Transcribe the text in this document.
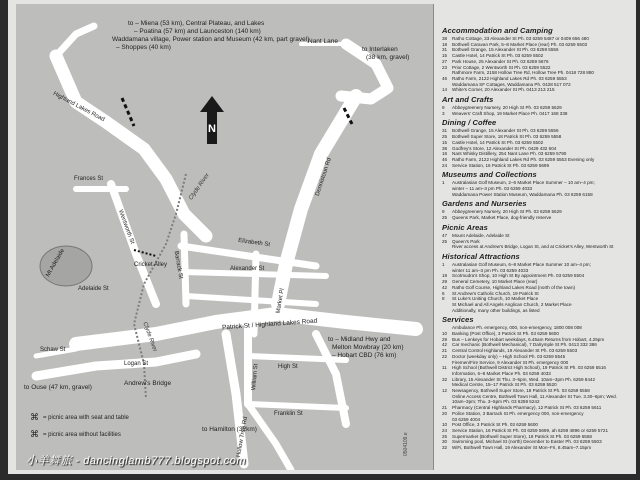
N
to – Miena (53 km), Central Plateau, and Lakes
– Poatina (57 km) and Launceston (140 km)
Waddamana village, Power station and Museum (42 km, part gravel)
– Shoppes (40 km)
Nant Lane
to Interlaken
(38 km, gravel)
Highland Lakes Road
Frances St
Wentworth St
Mt Adelaide
Adelaide St
Cricket Alley Barrack St
Elizabeth St
Alexander St
Dennistoun Rd
Market Pl
Patrick St / Highland Lakes Road
Logan St
Schaw St
to Ouse (47 km, gravel)
Andrew's Bridge	William St	High St
Franklin St
Hollow Tree Rd
to – Midland Hwy and
Melton Mowbray (20 km)
– Hobart CBD (76 km)
to Hamilton (32km)
Clyde River
Clyde River
⌘ = picnic area with seat and table
⌘ = picnic area without facilities	0504109.e
Accommodation and Camping
38	Ratho Cottage, 33 Alexander St Ph. 03 6259 5487 or 0409 656 480
18	Bothwell Caravan Park, 5–8 Market Place (rear) Ph. 03 6259 5503
31	Bothwell Grange, 15 Alexander St Ph. 03 6259 5556
15	Castle Hotel, 14 Patrick St Ph. 03 6259 5502
27	Park House, 25 Alexander St Ph. 03 6259 5676
23	Prior Cottage, 2 Wentworth St Ph. 03 6259 5522
Rathmore Farm, 2158 Hollow Tree Rd, Hollow Tree Ph. 0418 728 880
46	Ratho Farm, 2122 Highland Lakes Rd Ph. 03 6259 5553
Waddamana SF Cottages, Waddamana Ph. 0428 517 072
14	White's Corner, 20 Alexander St Ph. 0413 213 215
Art and Crafts
9	Abbeygreenery Nursery, 20 High St Ph. 03 6259 5629
3	Weavers' Craft Shop, 19 Market Place Ph. 0417 168 338
Dining / Coffee
31	Bothwell Grange, 15 Alexander St Ph. 03 6259 5556
25	Bothwell Super Store, 18 Patrick St Ph. 03 6259 5558
15	Castle Hotel, 14 Patrick St Ph. 03 6259 5502
38	Godfrey's Store, 12 Alexander St Ph. 0429 432 604
16	Nant Whisky Distillery, 254 Nant Lane Ph. 03 6259 5790
46	Ratho Farm, 2122 Highland Lakes Rd Ph. 03 6259 5553 Evening only
24	Service Station, 16 Patrick St Ph. 03 6259 5699
Museums and Collections
1	Australasian Golf Museum, 2–6 Market Place Summer – 10 am–4 pm;
winter – 11 am–3 pm Ph. 03 6259 4033
Waddamana Power Station Museum, Waddamana Ph. 03 6259 6158
Gardens and Nurseries
9	Abbeygreenery Nursery, 20 High St Ph. 03 6259 5629
25	Queens Park, Market Place, dog-friendly reserve
Picnic Areas
47	Mount Adelaide, Adelaide St
25	Queen's Park
River access at Andrew's Bridge, Logan St, and at Cricket's Alley, Wentworth St
Historical Attractions
1	Australasian Golf Museum, 6–8 Market Place Summer 10 am–4 pm;
winter 11 am–3 pm Ph. 03 6259 4033
19	Scotmudra's Shop, 10 High St By appointment Ph. 03 6259 5504
29	General Cemetery, 10 Market Place (rear)
42	Ratho Golf Course, Highland Lakes Road (north of the town)
6	St Andrew's Catholic Church, 19 Patrick St
8	St Luke's Uniting Church, 10 Market Place
St Michael and All Angels Anglican Church, 2 Market Place
Additionally, many other buildings, as listed
Services
Ambulance Ph. emergency, 000, non-emergency, 1800 008 008
10	Banking (Post Office), 3 Patrick St Ph. 03 6259 5600
29	Bus – Lenkeys for Hobart weekdays, 6.45am Returns from Hobart, 4.25pm
42	Car mechanic (Bothwell Mechanical), 7 Dalrymple St Ph. 0413 332 386
21	Central Control Highlands, 19 Alexander St Ph. 03 6259 5503
22	Doctor (weekday only) – High School Ph. 03 6259 5545
Firemen/Fire Service, 9 Alexander St Ph. emergency 000
11	High School (Bothwell District High School), 19 Patrick St Ph. 03 6259 5516
Information, 6–8 Market Place Ph. 03 6259 4033
32	Library, 15 Alexander St Thu. 3–5pm, Wed. 10am–3pm Ph. 6259 8442
Medical Centre, 15–17 Patrick St Ph. 03 6259 5520
12	Newsagency, Bothwell Super Store, 18 Patrick St Ph. 03 6259 5558
Online Access Centre, Bothwell Town Hall, 11 Alexander St Tue. 3.30–6pm; Wed.
10am–3pm; Thu. 3–5pm Ph. 03 6259 5242
21	Pharmacy (Central Highlands Pharmacy), 12 Patrick St Ph. 03 6259 5611
20	Police Station, 3 Barrack St Ph. emergency 000, non-emergency
03 6259 4004
10	Post Office, 3 Patrick St Ph. 03 6259 5600
24	Service Station, 16 Patrick St Ph. 03 6259 5699, ah 6259 4896 or 6259 5721
25	Supermarket (Bothwell Super Store), 18 Patrick St Ph. 03 6259 5558
30	Swimming pool, Michael St (north) December to Easter Ph. 03 6259 5503
32	WiFi, Bothwell Town Hall, 19 Alexander St Mon–Fri, 8.45am–7.15pm
小羊舞旅 - dancinglamb777.blogspot.com
